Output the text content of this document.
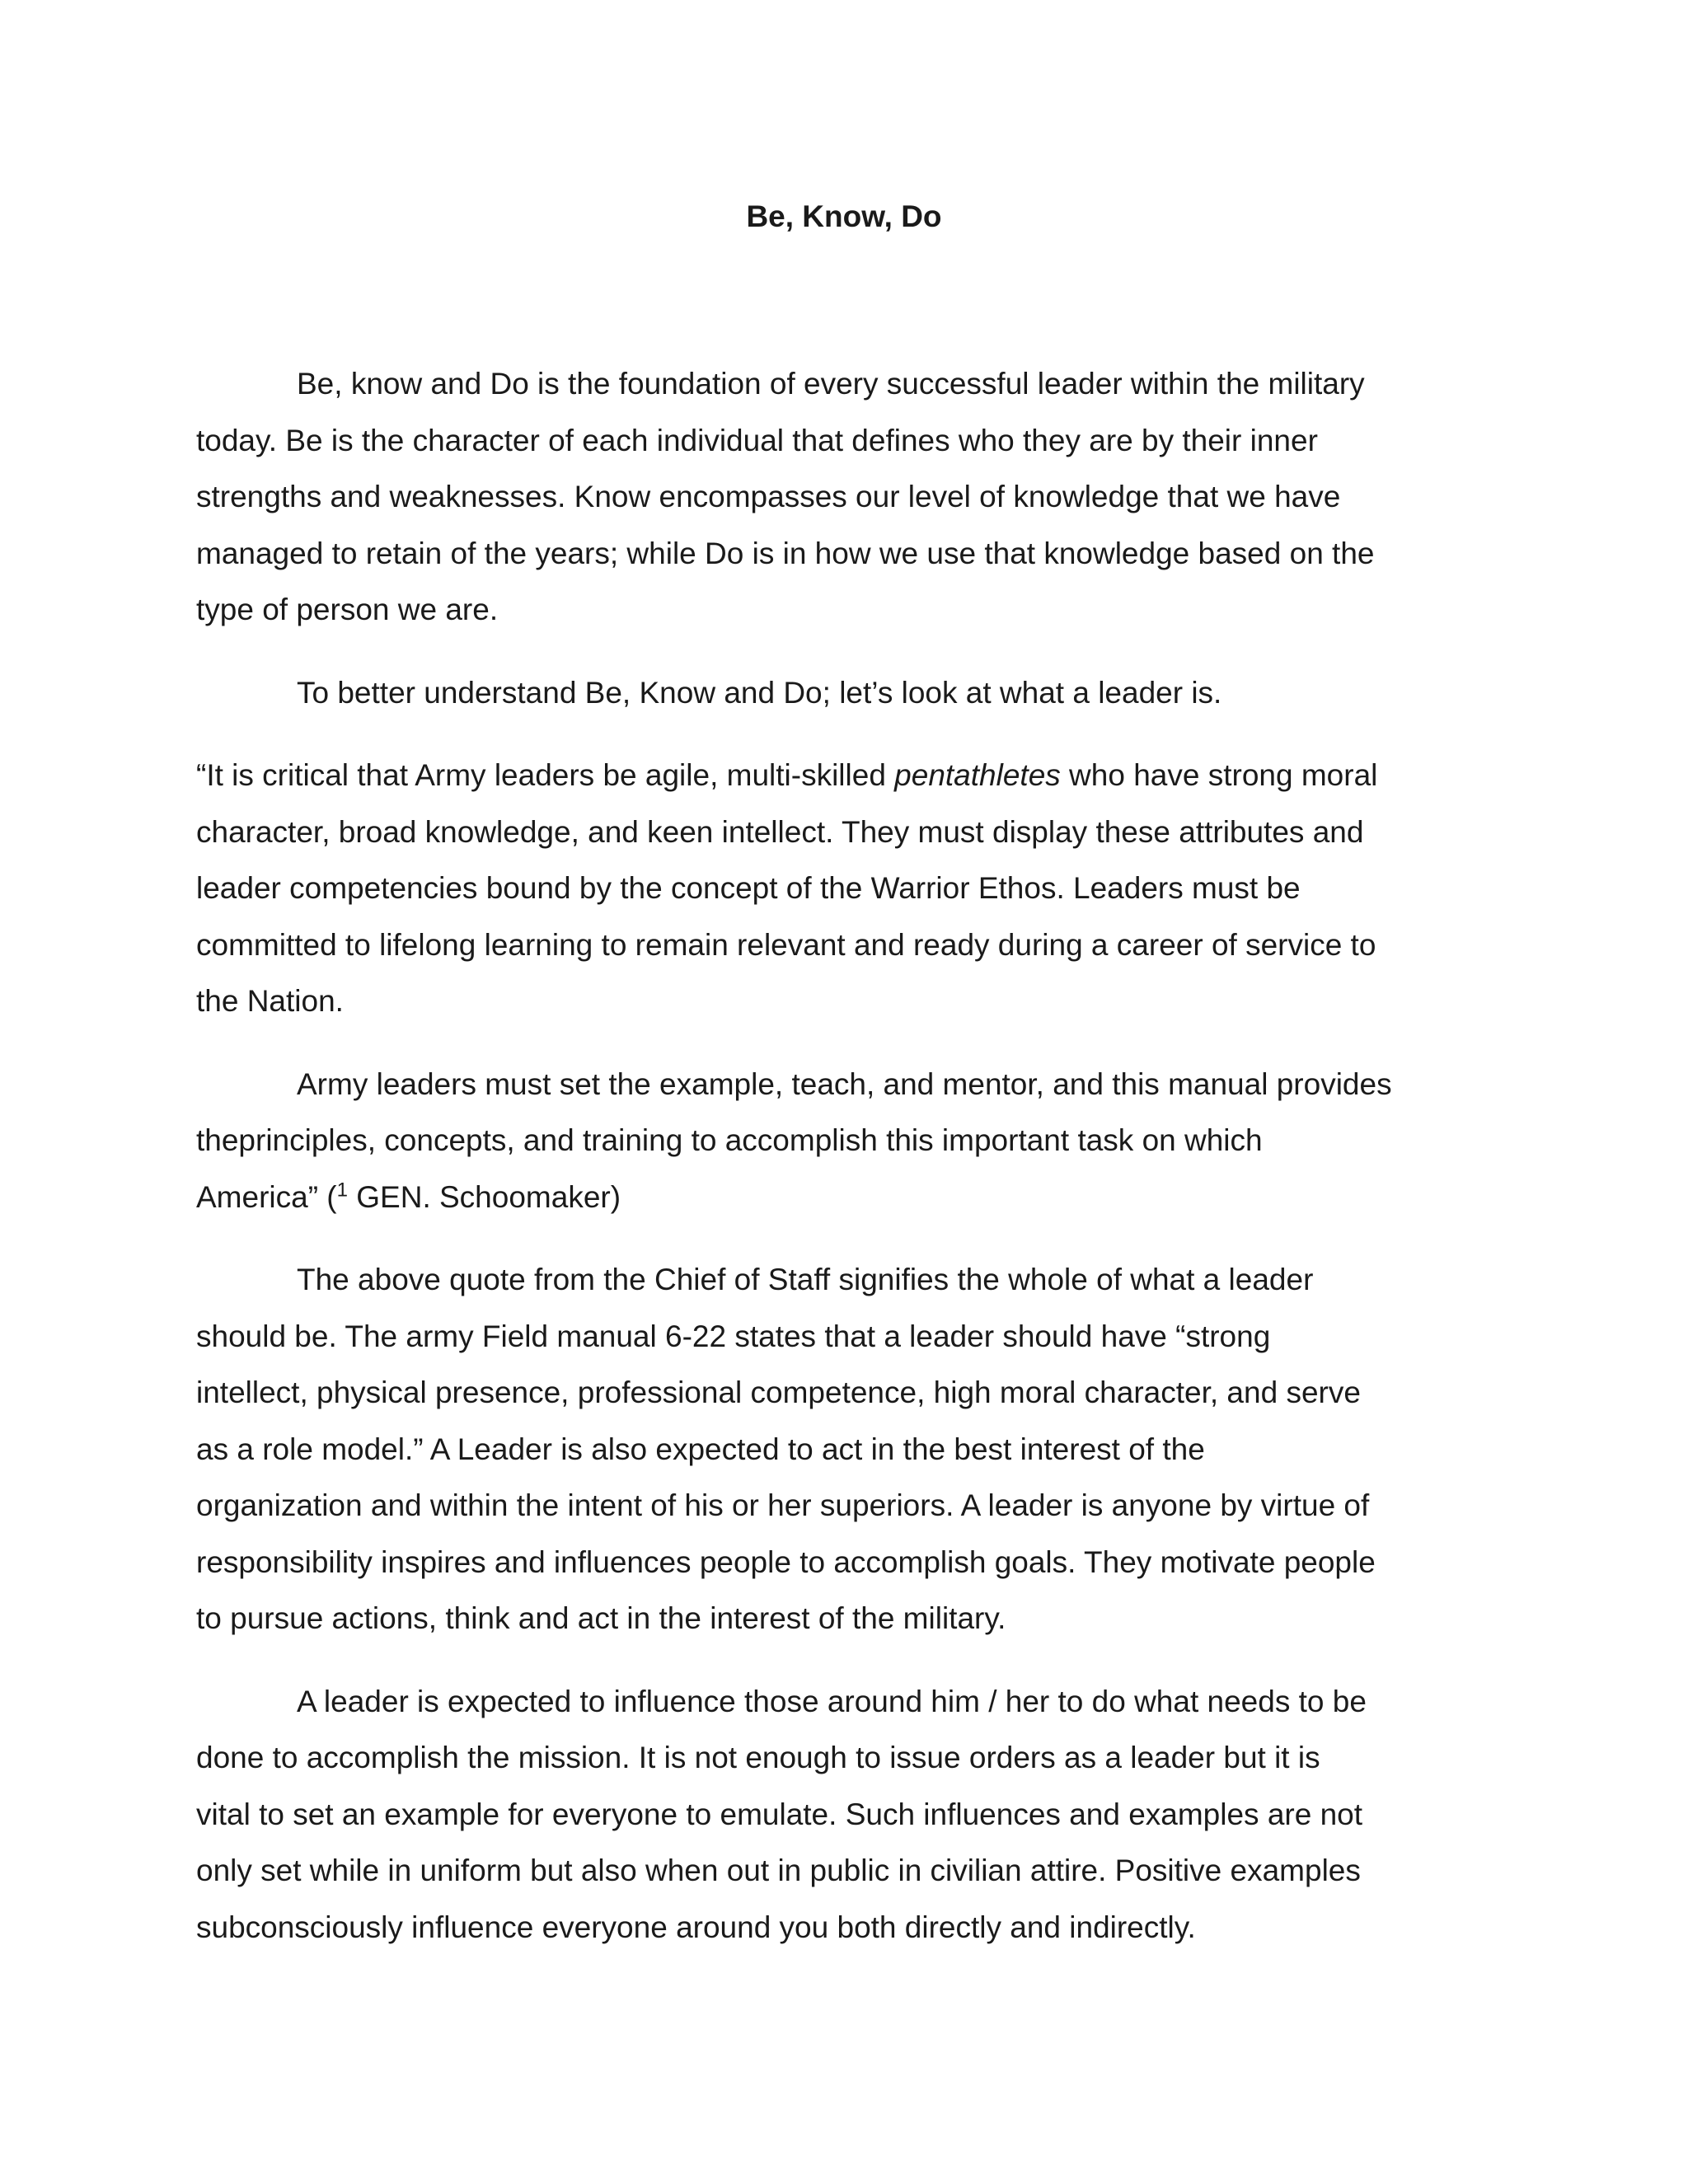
Be, Know, Do

Be, know and Do is the foundation of every successful leader within the military
today. Be is the character of each individual that defines who they are by their inner
strengths and weaknesses. Know encompasses our level of knowledge that we have
managed to retain of the years; while Do is in how we use that knowledge based on the
type of person we are.

To better understand Be, Know and Do; let’s look at what a leader is.

“It is critical that Army leaders be agile, multi-skilled pentathletes who have strong moral
character, broad knowledge, and keen intellect. They must display these attributes and
leader competencies bound by the concept of the Warrior Ethos. Leaders must be
committed to lifelong learning to remain relevant and ready during a career of service to
the Nation.

Army leaders must set the example, teach, and mentor, and this manual provides
theprinciples, concepts, and training to accomplish this important task on which
America” ($^1$ GEN. Schoomaker)

The above quote from the Chief of Staff signifies the whole of what a leader
should be. The army Field manual 6-22 states that a leader should have “strong
intellect, physical presence, professional competence, high moral character, and serve
as a role model.” A Leader is also expected to act in the best interest of the
organization and within the intent of his or her superiors. A leader is anyone by virtue of
responsibility inspires and influences people to accomplish goals. They motivate people
to pursue actions, think and act in the interest of the military.

A leader is expected to influence those around him / her to do what needs to be
done to accomplish the mission. It is not enough to issue orders as a leader but it is
vital to set an example for everyone to emulate. Such influences and examples are not
only set while in uniform but also when out in public in civilian attire. Positive examples
subconsciously influence everyone around you both directly and indirectly.
